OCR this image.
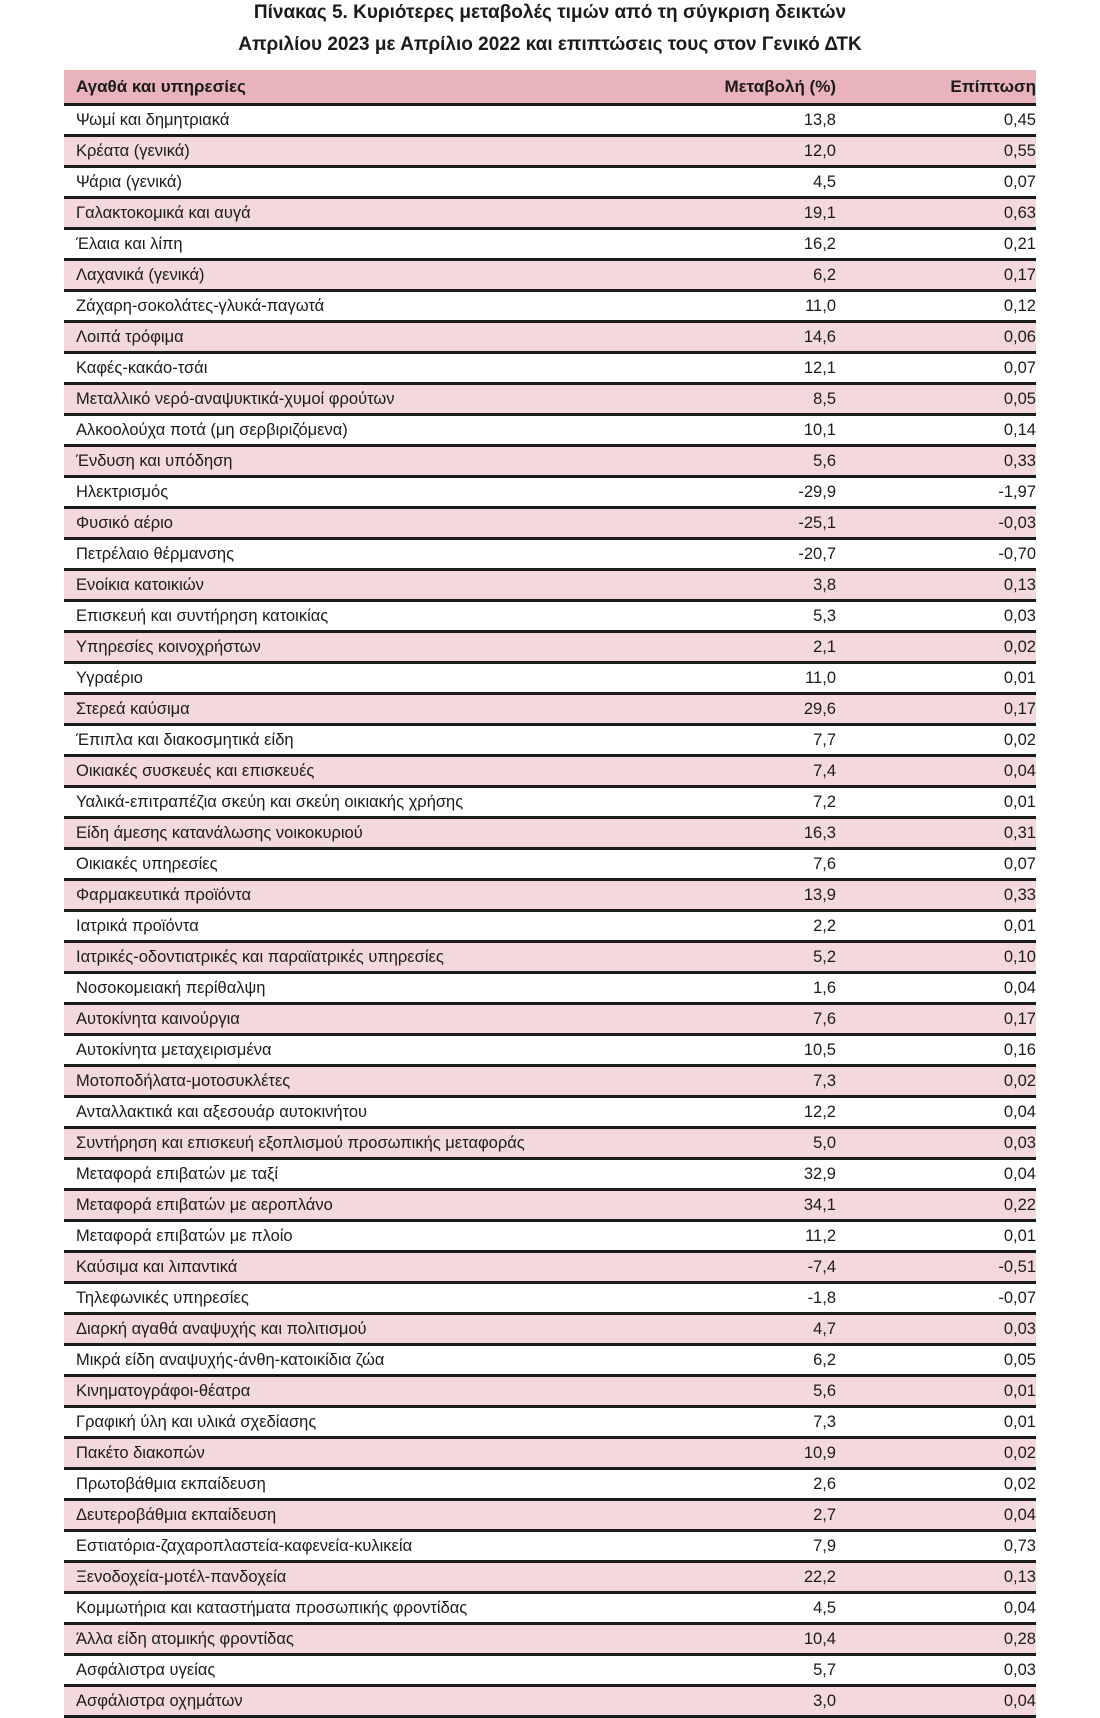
Πίνακας 5. Κυριότερες μεταβολές τιμών από τη σύγκριση δεικτών
Απριλίου 2023 με Απρίλιο 2022 και επιπτώσεις τους στον Γενικό ΔΤΚ
Αγαθά και υπηρεσίες	Μεταβολή (%)	Επίπτωση
Ψωμί και δημητριακά	13,8	0,45
Κρέατα (γενικά)	12,0	0,55
Ψάρια (γενικά)	4,5	0,07
Γαλακτοκομικά και αυγά	19,1	0,63
Έλαια και λίπη	16,2	0,21
Λαχανικά (γενικά)	6,2	0,17
Ζάχαρη-σοκολάτες-γλυκά-παγωτά	11,0	0,12
Λοιπά τρόφιμα	14,6	0,06
Καφές-κακάο-τσάι	12,1	0,07
Μεταλλικό νερό-αναψυκτικά-χυμοί φρούτων	8,5	0,05
Αλκοολούχα ποτά (μη σερβιριζόμενα)	10,1	0,14
Ένδυση και υπόδηση	5,6	0,33
Ηλεκτρισμός	-29,9	-1,97
Φυσικό αέριο	-25,1	-0,03
Πετρέλαιο θέρμανσης	-20,7	-0,70
Ενοίκια κατοικιών	3,8	0,13
Επισκευή και συντήρηση κατοικίας	5,3	0,03
Υπηρεσίες κοινοχρήστων	2,1	0,02
Υγραέριο	11,0	0,01
Στερεά καύσιμα	29,6	0,17
Έπιπλα και διακοσμητικά είδη	7,7	0,02
Οικιακές συσκευές και επισκευές	7,4	0,04
Υαλικά-επιτραπέζια σκεύη και σκεύη οικιακής χρήσης	7,2	0,01
Είδη άμεσης κατανάλωσης νοικοκυριού	16,3	0,31
Οικιακές υπηρεσίες	7,6	0,07
Φαρμακευτικά προϊόντα	13,9	0,33
Ιατρικά προϊόντα	2,2	0,01
Ιατρικές-οδοντιατρικές και παραϊατρικές υπηρεσίες	5,2	0,10
Νοσοκομειακή περίθαλψη	1,6	0,04
Αυτοκίνητα καινούργια	7,6	0,17
Αυτοκίνητα μεταχειρισμένα	10,5	0,16
Μοτοποδήλατα-μοτοσυκλέτες	7,3	0,02
Ανταλλακτικά και αξεσουάρ αυτοκινήτου	12,2	0,04
Συντήρηση και επισκευή εξοπλισμού προσωπικής μεταφοράς	5,0	0,03
Μεταφορά επιβατών με ταξί	32,9	0,04
Μεταφορά επιβατών με αεροπλάνο	34,1	0,22
Μεταφορά επιβατών με πλοίο	11,2	0,01
Καύσιμα και λιπαντικά	-7,4	-0,51
Τηλεφωνικές υπηρεσίες	-1,8	-0,07
Διαρκή αγαθά αναψυχής και πολιτισμού	4,7	0,03
Μικρά είδη αναψυχής-άνθη-κατοικίδια ζώα	6,2	0,05
Κινηματογράφοι-θέατρα	5,6	0,01
Γραφική ύλη και υλικά σχεδίασης	7,3	0,01
Πακέτο διακοπών	10,9	0,02
Πρωτοβάθμια εκπαίδευση	2,6	0,02
Δευτεροβάθμια εκπαίδευση	2,7	0,04
Εστιατόρια-ζαχαροπλαστεία-καφενεία-κυλικεία	7,9	0,73
Ξενοδοχεία-μοτέλ-πανδοχεία	22,2	0,13
Κομμωτήρια και καταστήματα προσωπικής φροντίδας	4,5	0,04
Άλλα είδη ατομικής φροντίδας	10,4	0,28
Ασφάλιστρα υγείας	5,7	0,03
Ασφάλιστρα οχημάτων	3,0	0,04
